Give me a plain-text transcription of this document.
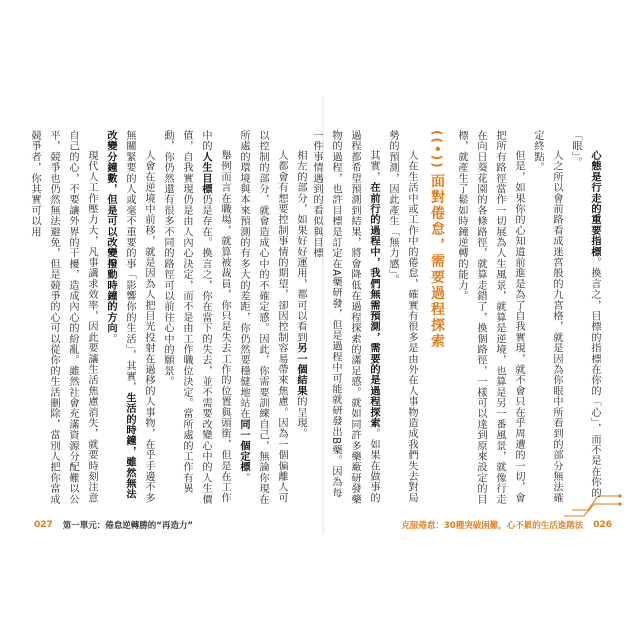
相左的部分，如果好好運用，都可以看到另一個結果的呈現。

人都會有想要控制事情的期望，卻因控制容易帶來焦慮。因為一個偏離人可以控制的部分，就會造成心中的不確定感。因此，你需要訓練自己，無論你現在所處的環境與本來預測的有多大的差距，你仍然要穩健地站在同一個定標。

舉例而言在職場，就算被裁員，你只是失去工作的位置與頭銜，但是在工作中的人生目標仍是存在。換言之，你在當下的失去，並不需要改變心中的人生價值，自我實現仍是由人內心決定，而不是由工作職位決定。當所處的工作有異動，你仍然還有很多不同的路徑可以前往心中的願景。

人會在逆境中前移，就是因為人把目光投射在過移的人事物，在乎手邊不多無關緊要的人或毫不重要的事「影響你的生活」，其實，生活的時鐘，雖然無法改變分鐘數，但是可以改變撥動時鐘的方向。

現代人工作壓力大，凡事講求效率，因此要讓生活焦慮消失，就要時刻注意自己的心，不要讓外界的干擾，造成內心的紛亂。雖然社會充滿資源分配難以公平，競爭也仍然無法避免，但是競爭的心可以從你的生活刪除，當別人把你當成競爭者，你其實可以用

027 第一單元：倦怠逆轉勝的“再造力”

心態是行走的重要指標。換言之，目標的指標在你的「心」，而不是在你的「眼」。

人之所以會前路看成迷宮般的九宮格，就是因為你眼中所看到的部分無法確定終點。

但是，如果你的心知道前進是為了自我實現，就不會只在乎周遭的一切，會把所有路徑當作一切展為人生風景，就算是逆境，也算是另一番風景，就像行走在向日葵花園的各條路徑，就算走錯了，換個路徑，一樣可以達到原來設定的目標，就產生了鬆如時鐘逆轉的能力。

((•))面對倦怠，需要過程探索

人在生活中或工作中的倦怠，確實有很多是由外在人事物造成我們失去對局勢的預測，因此產生「無力感」。

其實，在前行的過程中，我們無需預測，需要的是過程探索。如果在做事的過程都希望預測到結果，將會降低在過程探索的滿足感。就如同許多藥廠研發藥物的過程，也許目標是訂定在A藥研發，但是過程中可能就研發出B藥。因為每一件事情遇到的看似與目標

克服倦怠：30種突破困難，心不累的生活進階法 026
